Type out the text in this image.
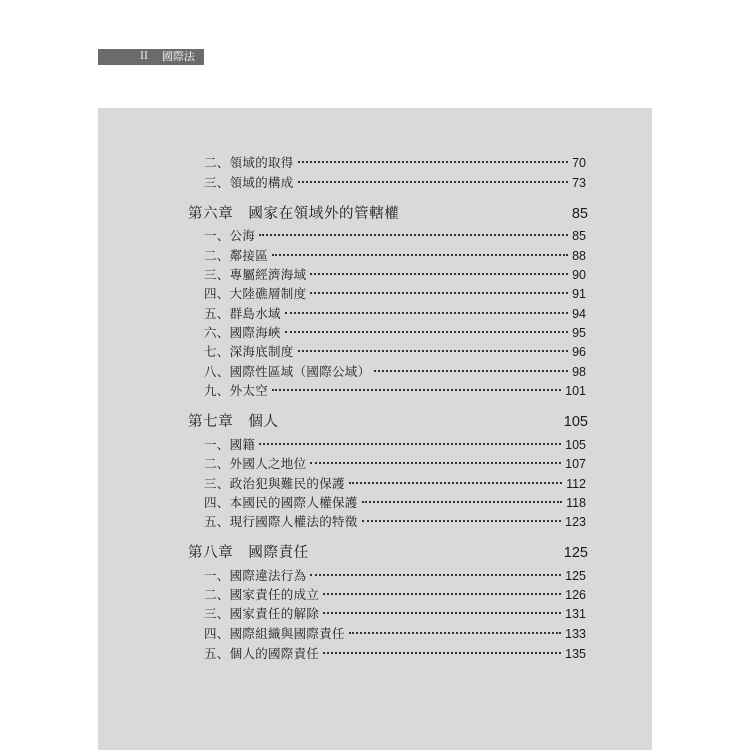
II 國際法
二、領域的取得	70
三、領域的構成	73
第六章　國家在領域外的管轄權	85
一、公海	85
二、鄰接區	88
三、專屬經濟海域	90
四、大陸礁層制度	91
五、群島水域	94
六、國際海峽	95
七、深海底制度	96
八、國際性區域（國際公域）	98
九、外太空	101
第七章　個人	105
一、國籍	105
二、外國人之地位	107
三、政治犯與難民的保護	112
四、本國民的國際人權保護	118
五、現行國際人權法的特徵	123
第八章　國際責任	125
一、國際違法行為	125
二、國家責任的成立	126
三、國家責任的解除	131
四、國際組織與國際責任	133
五、個人的國際責任	135
